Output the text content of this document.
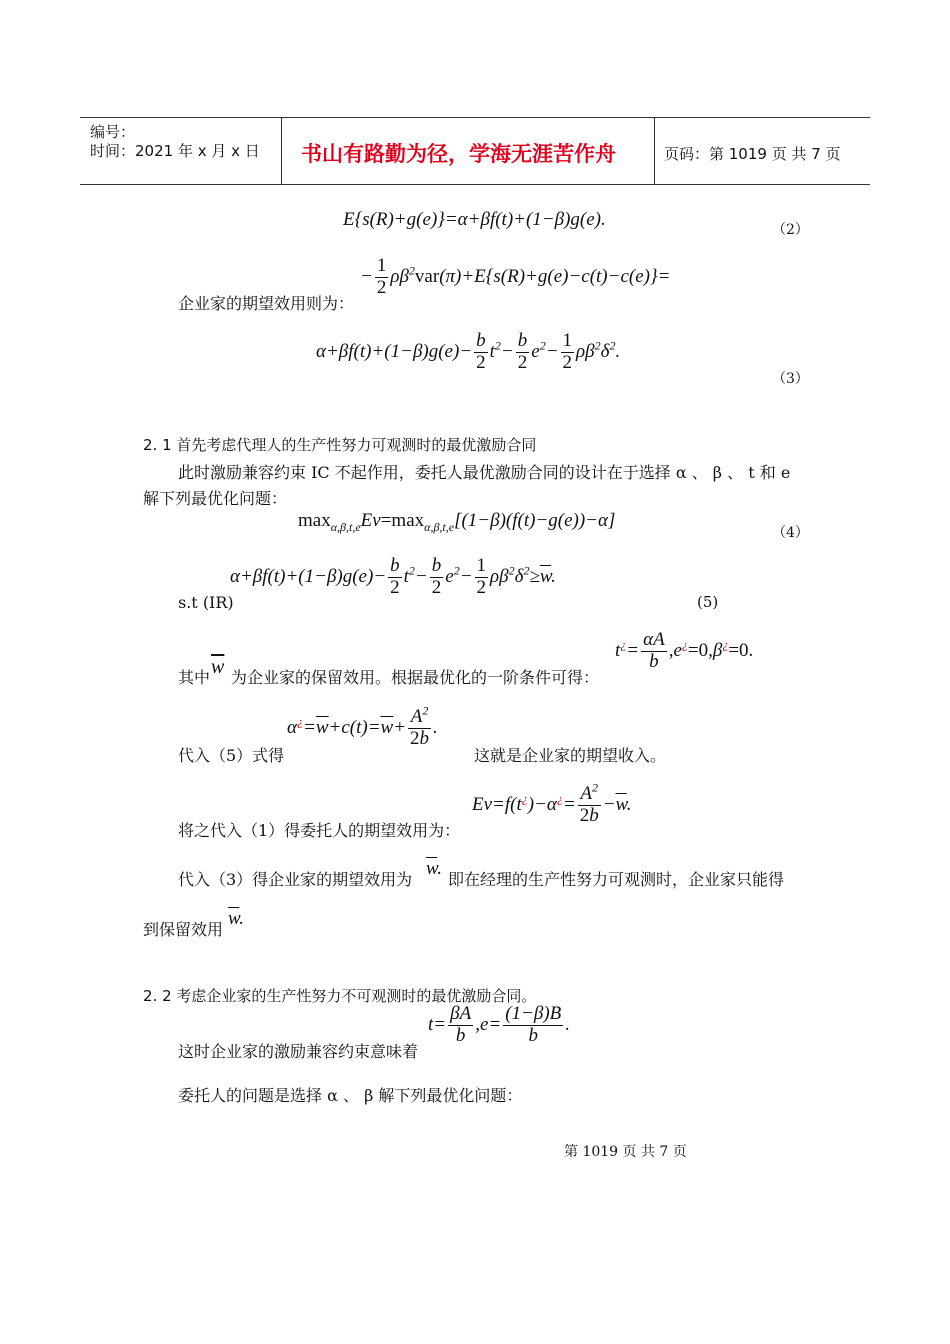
编号：
时间：2021 年 x 月 x 日 书山有路勤为径，学海无涯苦作舟	页码：第 1019 页 共 7 页
E{s(R)+g(e)}=α+βf(t)+(1−β)g(e).	（2）
企业家的期望效用则为：
− $\frac{1}{2} \rho\beta^2var(\pi)+E\{s(R)+g(e)-c(t)-c(e)\}=$
$\alpha+\beta f(t)+(1-\beta)g(e)- \frac{b}{2} t^2- \frac{b}{2} e^2- \frac{1}{2} \rho\beta^2\delta^2$.
（3）
2. 1 首先考虑代理人的生产性努力可观测时的最优激励合同
此时激励兼容约束 IC 不起作用，委托人最优激励合同的设计在于选择 α 、 β 、 t 和 e
解下列最优化问题：
$\max_{\alpha,\beta,t,e}Ev=\max_{\alpha,\beta,t,e}[(1-\beta)(f(t)-g(e))-\alpha]$
（4）
s.t (IR)
$\alpha+\beta f(t)+(1-\beta)g(e)- \frac{b}{2} t^2- \frac{b}{2} e^2- \frac{1}{2} \rho\beta^2\delta^2\ge\overline{w}$.
(5)
其中 $\overline{w}$ 为企业家的保留效用。根据最优化的一阶条件可得：
$t^¿= \frac{\alpha A}{b} ,e^¿=0,\beta^¿=0$.
代入（5）式得
$\alpha^¿=\overline{w}+c(t)=\overline{w}+ \frac{A^2}{2b}$ .
这就是企业家的期望收入。
将之代入（1）得委托人的期望效用为：
$Ev=f(t^¿)-\alpha^¿= \frac{A^2}{2b} -\overline{w}$.
代入（3）得企业家的期望效用为
$\overline{w}$.
即在经理的生产性努力可观测时，企业家只能得
到保留效用
$\overline{w}$.
2. 2 考虑企业家的生产性努力不可观测时的最优激励合同。
这时企业家的激励兼容约束意味着
$t= \frac{\beta A}{b} ,e= \frac{(1-\beta)B}{b}$ .
委托人的问题是选择 α 、 β 解下列最优化问题：
第 1019 页 共 7 页
